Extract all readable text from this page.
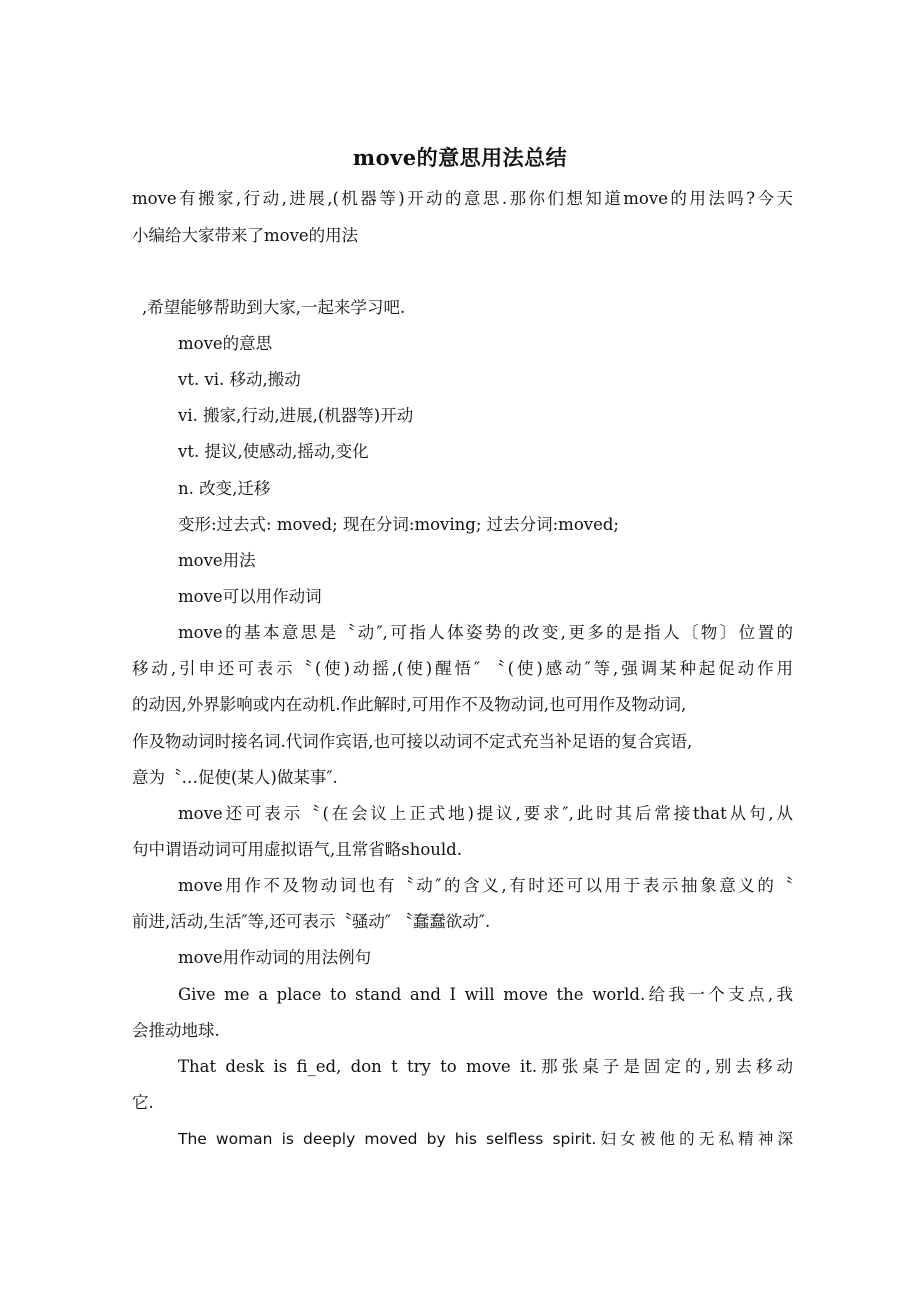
move的意思用法总结
move有搬家,行动,进展,(机器等)开动的意思.那你们想知道move的用法吗?今天
小编给大家带来了move的用法
,希望能够帮助到大家,一起来学习吧.
move的意思
vt. vi. 移动,搬动
vi. 搬家,行动,进展,(机器等)开动
vt. 提议,使感动,摇动,变化
n. 改变,迁移
变形:过去式: moved; 现在分词:moving; 过去分词:moved;
move用法
move可以用作动词
move的基本意思是〝动″,可指人体姿势的改变,更多的是指人〔物〕位置的
移动,引申还可表示〝(使)动摇,(使)醒悟″ 〝(使)感动″等,强调某种起促动作用
的动因,外界影响或内在动机.作此解时,可用作不及物动词,也可用作及物动词,
作及物动词时接名词.代词作宾语,也可接以动词不定式充当补足语的复合宾语,
意为〝…促使(某人)做某事″.
move还可表示〝(在会议上正式地)提议,要求″,此时其后常接that从句,从
句中谓语动词可用虚拟语气,且常省略should.
move用作不及物动词也有〝动″的含义,有时还可以用于表示抽象意义的〝
前进,活动,生活″等,还可表示〝骚动″ 〝蠢蠢欲动″.
move用作动词的用法例句
Give me a place to stand and I will move the world.给我一个支点,我
会推动地球.
That desk is fi_ed, don t try to move it.那张桌子是固定的,别去移动
它.
The woman is deeply moved by his selfless spirit.妇女被他的无私精神深
